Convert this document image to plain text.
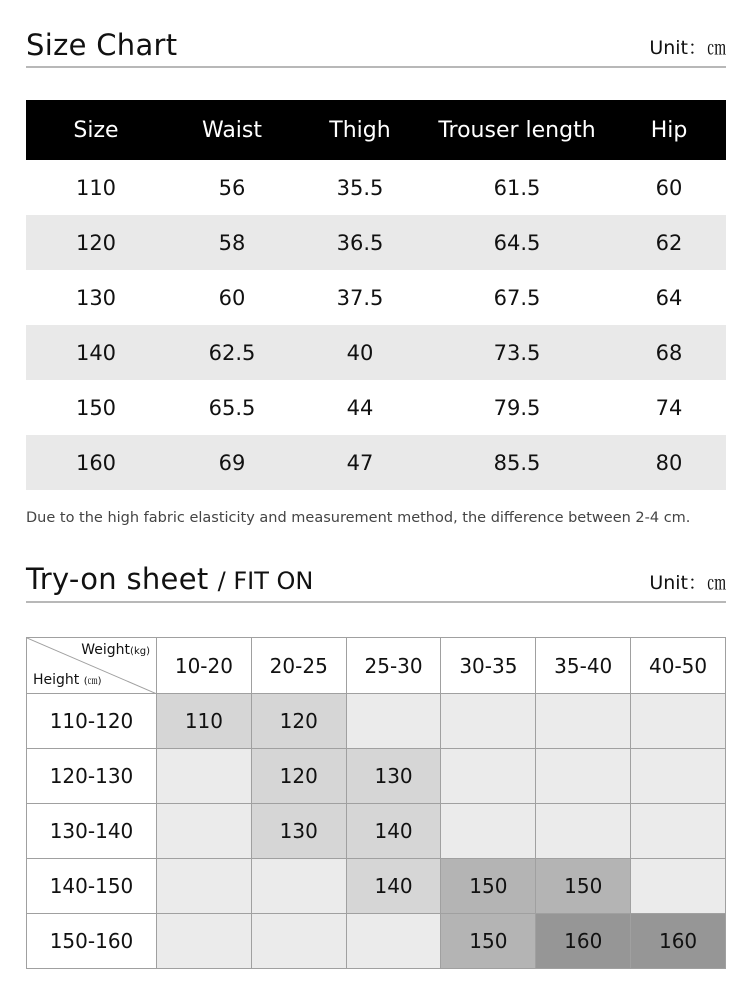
Size Chart	Unit：㎝
Size	Waist	Thigh	Trouser length	Hip
110	56	35.5	61.5	60
120	58	36.5	64.5	62
130	60	37.5	67.5	64
140	62.5	40	73.5	68
150	65.5	44	79.5	74
160	69	47	85.5	80
Due to the high fabric elasticity and measurement method, the difference between 2-4 cm.
Try-on sheet / FIT ON	Unit：㎝
Weight(kg)
Height (㎝)	10-20	20-25	25-30	30-35	35-40	40-50
110-120	110	120				
120-130		120	130			
130-140		130	140			
140-150			140	150	150	
150-160				150	160	160
